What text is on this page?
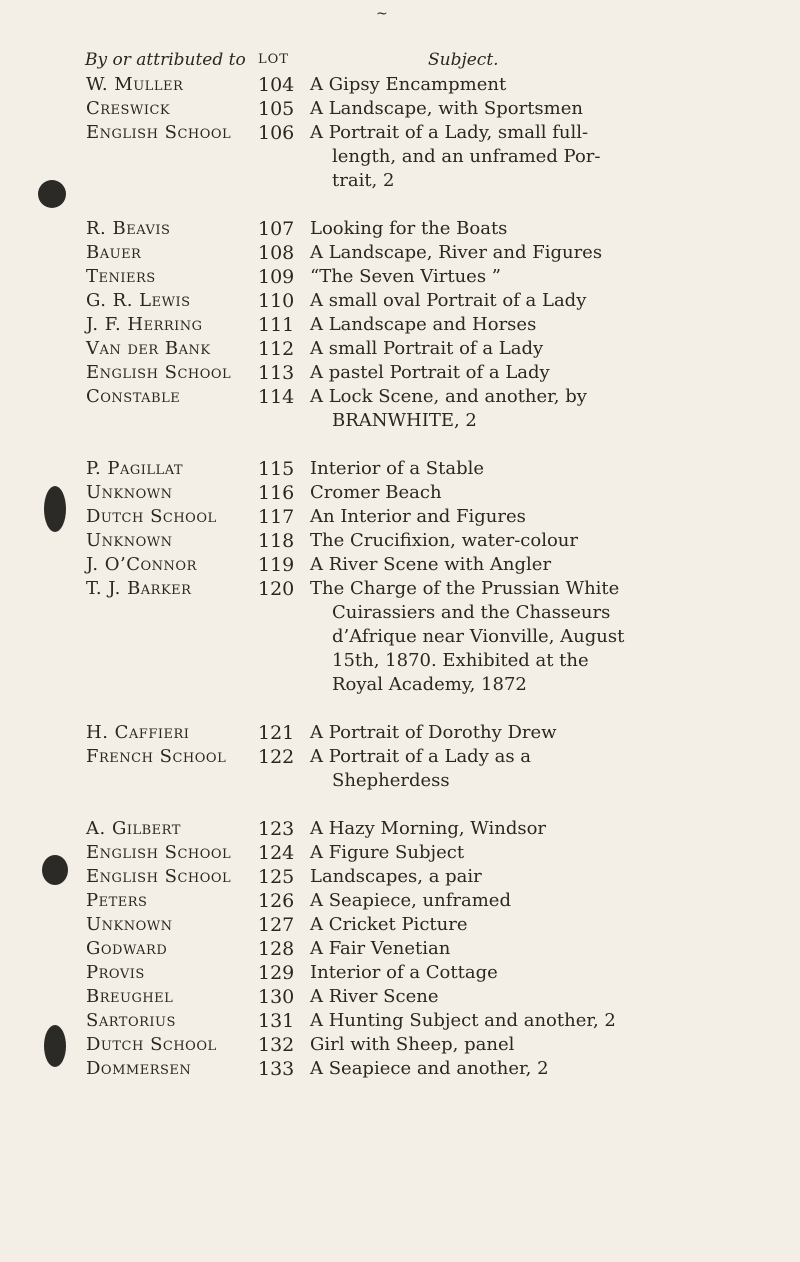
~
By or attributed to LOT	Subject.
W. Muller	104 A Gipsy Encampment
Creswick	105 A Landscape, with Sportsmen
English School	106 A Portrait of a Lady, small full-
length, and an unframed Por-
trait, 2
R. Beavis	107 Looking for the Boats
Bauer	108 A Landscape, River and Figures
Teniers	109 “The Seven Virtues ”
G. R. Lewis	110 A small oval Portrait of a Lady
J. F. Herring	111 A Landscape and Horses
Van der Bank	112 A small Portrait of a Lady
English School	113 A pastel Portrait of a Lady
Constable	114 A Lock Scene, and another, by
BRANWHITE, 2
P. Pagillat	115 Interior of a Stable
Unknown	116 Cromer Beach
Dutch School	117 An Interior and Figures
Unknown	118 The Crucifixion, water-colour
J. O’Connor	119 A River Scene with Angler
T. J. Barker	120 The Charge of the Prussian White
Cuirassiers and the Chasseurs
d’Afrique near Vionville, August
15th, 1870. Exhibited at the
Royal Academy, 1872
H. Caffieri	121 A Portrait of Dorothy Drew
French School	122 A Portrait of a Lady as a
Shepherdess
A. Gilbert	123 A Hazy Morning, Windsor
English School	124 A Figure Subject
English School	125 Landscapes, a pair
Peters	126 A Seapiece, unframed
Unknown	127 A Cricket Picture
Godward	128 A Fair Venetian
Provis	129 Interior of a Cottage
Breughel	130 A River Scene
Sartorius	131 A Hunting Subject and another, 2
Dutch School	132 Girl with Sheep, panel
Dommersen	133 A Seapiece and another, 2
